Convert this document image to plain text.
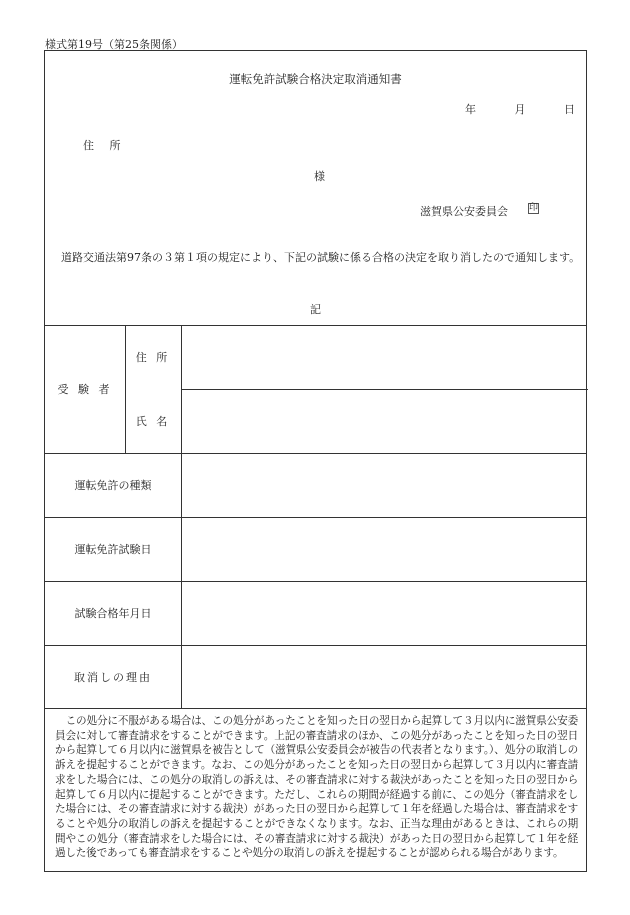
様式第19号（第25条関係）
運転免許試験合格決定取消通知書
年	月	日
住 所
様
滋賀県公安委員会 印
道路交通法第97条の３第１項の規定により、下記の試験に係る合格の決定を取り消したので通知します。
記
受 験 者
住 所
氏 名
運転免許の種類
運転免許試験日
試験合格年月日
取消しの理由
この処分に不服がある場合は、この処分があったことを知った日の翌日から起算して３月以内に滋賀県公安委員会に対して審査請求をすることができます。上記の審査請求のほか、この処分があったことを知った日の翌日から起算して６月以内に滋賀県を被告として（滋賀県公安委員会が被告の代表者となります。）、処分の取消しの訴えを提起することができます。なお、この処分があったことを知った日の翌日から起算して３月以内に審査請求をした場合には、この処分の取消しの訴えは、その審査請求に対する裁決があったことを知った日の翌日から起算して６月以内に提起することができます。ただし、これらの期間が経過する前に、この処分（審査請求をした場合には、その審査請求に対する裁決）があった日の翌日から起算して１年を経過した場合は、審査請求をすることや処分の取消しの訴えを提起することができなくなります。なお、正当な理由があるときは、これらの期間やこの処分（審査請求をした場合には、その審査請求に対する裁決）があった日の翌日から起算して１年を経過した後であっても審査請求をすることや処分の取消しの訴えを提起することが認められる場合があります。
